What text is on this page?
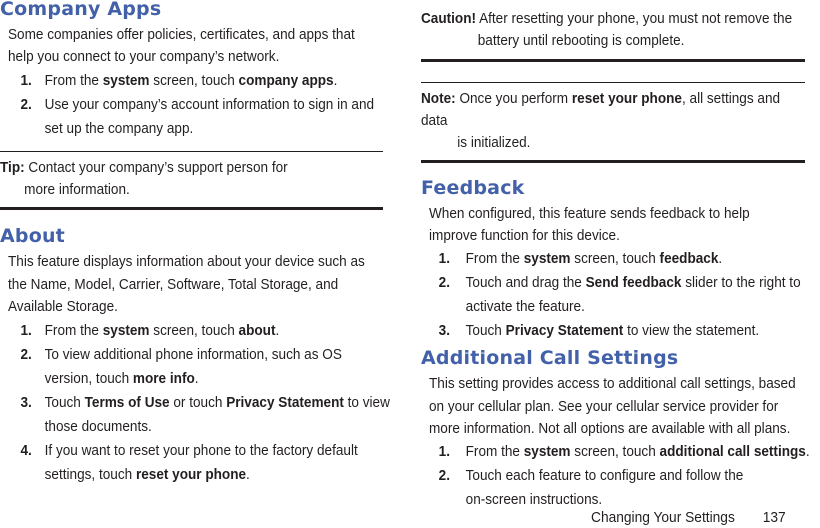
Company Apps

Some companies offer policies, certificates, and apps that

help you connect to your company’s network.

1. From the system screen, touch company apps.
2. Use your company’s account information to sign in and
set up the company app.
Tip: Contact your company’s support person for
more information.
About

This feature displays information about your device such as

the Name, Model, Carrier, Software, Total Storage, and

Available Storage.

1. From the system screen, touch about.
2. To view additional phone information, such as OS
version, touch more info.
3. Touch Terms of Use or touch Privacy Statement to view
those documents.
4. If you want to reset your phone to the factory default
settings, touch reset your phone.
Caution! After resetting your phone, you must not remove the
battery until rebooting is complete.
Note: Once you perform reset your phone, all settings and data
is initialized.
Feedback

When configured, this feature sends feedback to help

improve function for this device.

1.	From the system screen, touch feedback.
2.	Touch and drag the Send feedback slider to the right to
activate the feature.
3.	Touch Privacy Statement to view the statement.
Additional Call Settings

This setting provides access to additional call settings, based

on your cellular plan. See your cellular service provider for

more information. Not all options are available with all plans.

1.	From the system screen, touch additional call settings.
2.	Touch each feature to configure and follow the
on-screen instructions.
Changing Your Settings 137
